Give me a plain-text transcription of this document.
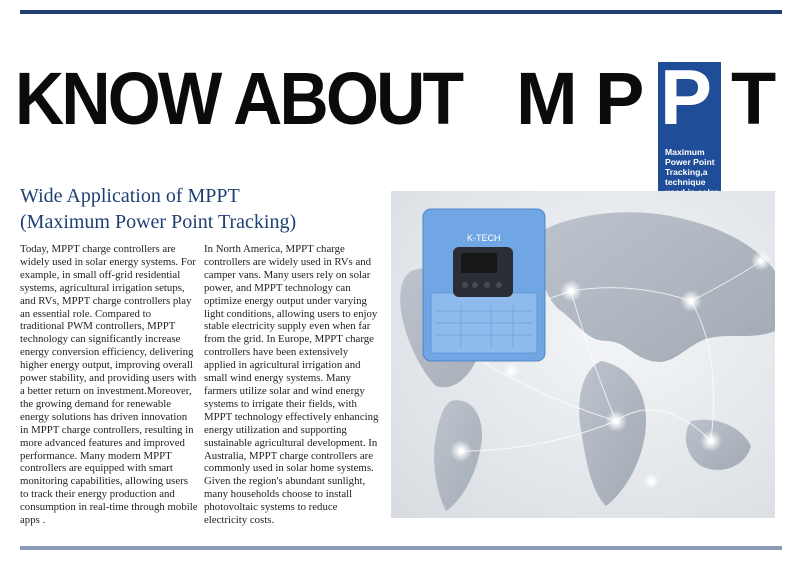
KNOW ABOUT M P T
P
Maximum
Power Point
Tracking,a
technique
Wide Application of MPPT
(Maximum Power Point Tracking)
Today, MPPT charge controllers are widely used in solar energy systems. For example, in small off-grid residential systems, agricultural irrigation setups, and RVs, MPPT charge controllers play an essential role. Compared to traditional PWM controllers, MPPT technology can significantly increase energy conversion efficiency, delivering higher energy output, improving overall power stability, and providing users with a better return on investment.Moreover, the growing demand for renewable energy solutions has driven innovation in MPPT charge controllers, resulting in more advanced features and improved performance. Many modern MPPT controllers are equipped with smart monitoring capabilities, allowing users to track their energy production and consumption in real-time through mobile apps .
In North America, MPPT charge controllers are widely used in RVs and camper vans. Many users rely on solar power, and MPPT technology can optimize energy output under varying light conditions, allowing users to enjoy stable electricity supply even when far from the grid. In Europe, MPPT charge controllers have been extensively applied in agricultural irrigation and small wind energy systems. Many farmers utilize solar and wind energy systems to irrigate their fields, with MPPT technology effectively enhancing energy utilization and supporting sustainable agricultural development. In Australia, MPPT charge controllers are commonly used in solar home systems. Given the region's abundant sunlight, many households choose to install photovoltaic systems to reduce electricity costs.
K-TECH
